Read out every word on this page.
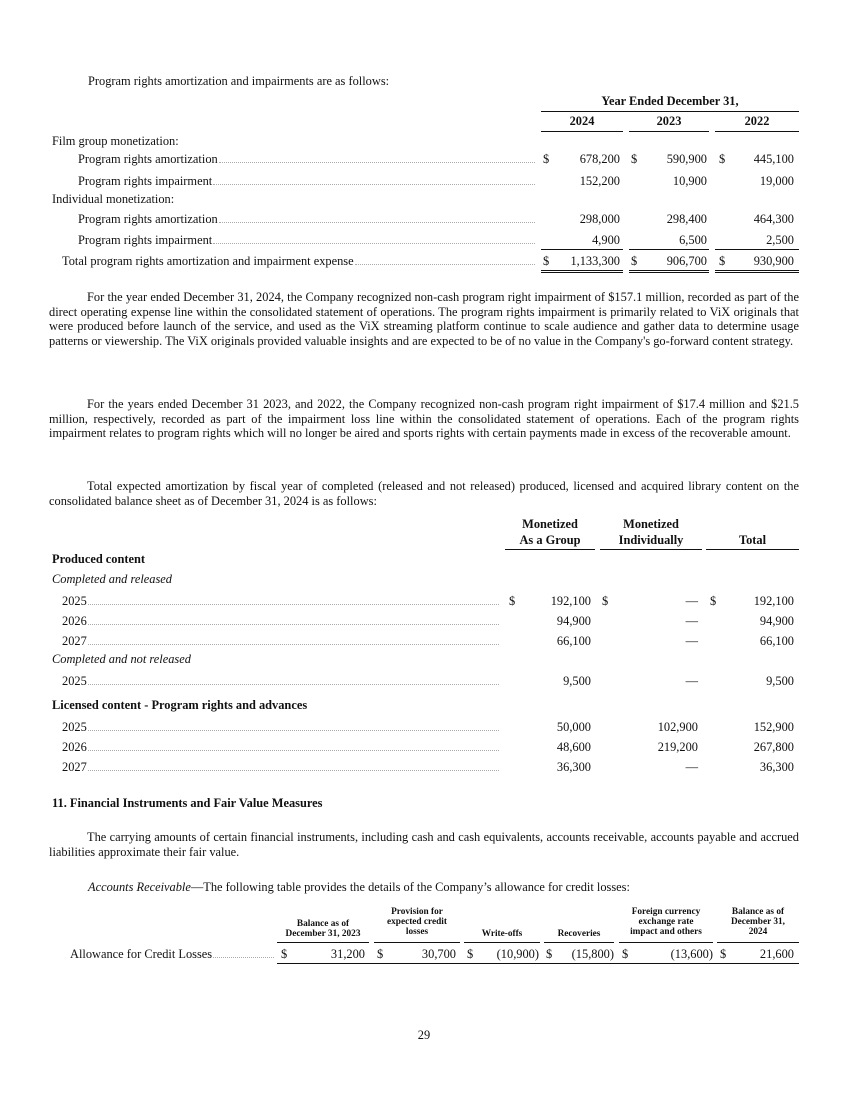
Program rights amortization and impairments are as follows:
Year Ended December 31,
2024	2023	2022
Film group monetization:
Program rights amortization	$	678,200 $	590,900 $	445,100
Program rights impairment	152,200	10,900	19,000
Individual monetization:
Program rights amortization	298,000	298,400	464,300
Program rights impairment	4,900	6,500	2,500
Total program rights amortization and impairment expense	$	1,133,300 $	906,700 $	930,900
For the year ended December 31, 2024, the Company recognized non-cash program right impairment of $157.1 million, recorded as part of the direct operating expense line within the consolidated statement of operations. The program rights impairment is primarily related to ViX originals that were produced before launch of the service, and used as the ViX streaming platform continue to scale audience and gather data to determine usage patterns or viewership. The ViX originals provided valuable insights and are expected to be of no value in the Company's go-forward content strategy.
For the years ended December 31 2023, and 2022, the Company recognized non-cash program right impairment of $17.4 million and $21.5 million, respectively, recorded as part of the impairment loss line within the consolidated statement of operations. Each of the program rights impairment relates to program rights which will no longer be aired and sports rights with certain payments made in excess of the recoverable amount.
Total expected amortization by fiscal year of completed (released and not released) produced, licensed and acquired library content on the consolidated balance sheet as of December 31, 2024 is as follows:
Monetized
As a Group
Monetized
Individually	Total
Produced content
Completed and released
2025	$	192,100 $	— $	192,100
2026	94,900	—	94,900
2027	66,100	—	66,100
Completed and not released
2025	9,500	—	9,500
Licensed content - Program rights and advances
2025	50,000	102,900	152,900
2026	48,600	219,200	267,800
2027	36,300	—	36,300
11. Financial Instruments and Fair Value Measures
The carrying amounts of certain financial instruments, including cash and cash equivalents, accounts receivable, accounts payable and accrued liabilities approximate their fair value.
Accounts Receivable—The following table provides the details of the Company’s allowance for credit losses:
Balance as of
December 31, 2023
Provision for
expected credit
losses	Write-offs	Recoveries
Foreign currency
exchange rate
impact and others
Balance as of
December 31,
2024
Allowance for Credit Losses	$	31,200 $	30,700 $	(10,900) $	(15,800) $	(13,600) $	21,600
29
